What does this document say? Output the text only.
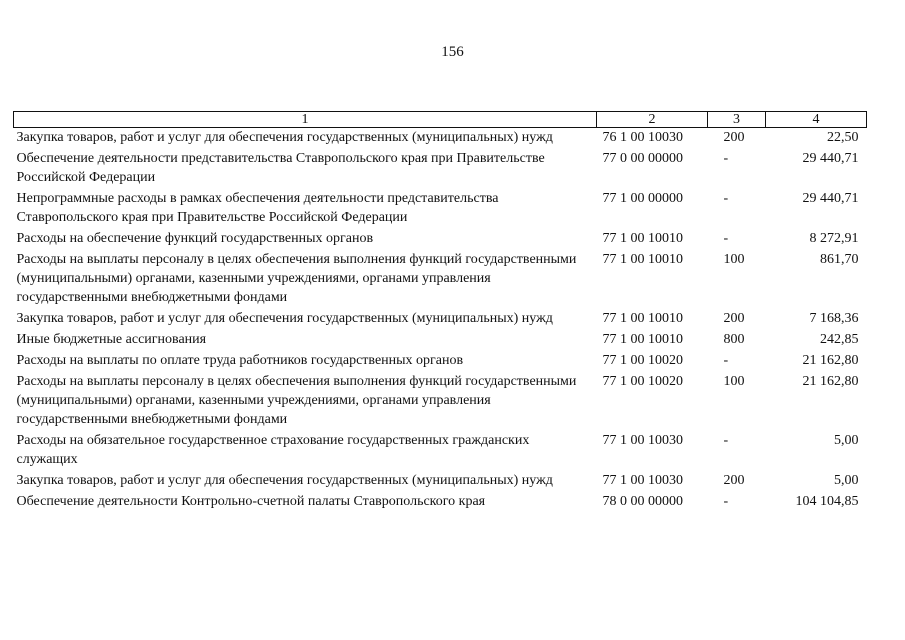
156
1	2	3	4
Закупка товаров, работ и услуг для обеспечения государственных (муниципальных) нужд	76 1 00 10030	200	22,50
Обеспечение деятельности представительства Ставропольского края при Правительстве Российской Федерации	77 0 00 00000	-	29 440,71
Непрограммные расходы в рамках обеспечения деятельности представительства Ставропольского края при Правительстве Российской Федерации	77 1 00 00000	-	29 440,71
Расходы на обеспечение функций государственных органов	77 1 00 10010	-	8 272,91
Расходы на выплаты персоналу в целях обеспечения выполнения функций государственными (муниципальными) органами, казенными учреждениями, органами управления государственными внебюджетными фондами	77 1 00 10010	100	861,70
Закупка товаров, работ и услуг для обеспечения государственных (муниципальных) нужд	77 1 00 10010	200	7 168,36
Иные бюджетные ассигнования	77 1 00 10010	800	242,85
Расходы на выплаты по оплате труда работников государственных органов	77 1 00 10020	-	21 162,80
Расходы на выплаты персоналу в целях обеспечения выполнения функций государственными (муниципальными) органами, казенными учреждениями, органами управления государственными внебюджетными фондами	77 1 00 10020	100	21 162,80
Расходы на обязательное государственное страхование государственных гражданских служащих	77 1 00 10030	-	5,00
Закупка товаров, работ и услуг для обеспечения государственных (муниципальных) нужд	77 1 00 10030	200	5,00
Обеспечение деятельности Контрольно-счетной палаты Ставропольского края	78 0 00 00000	-	104 104,85
